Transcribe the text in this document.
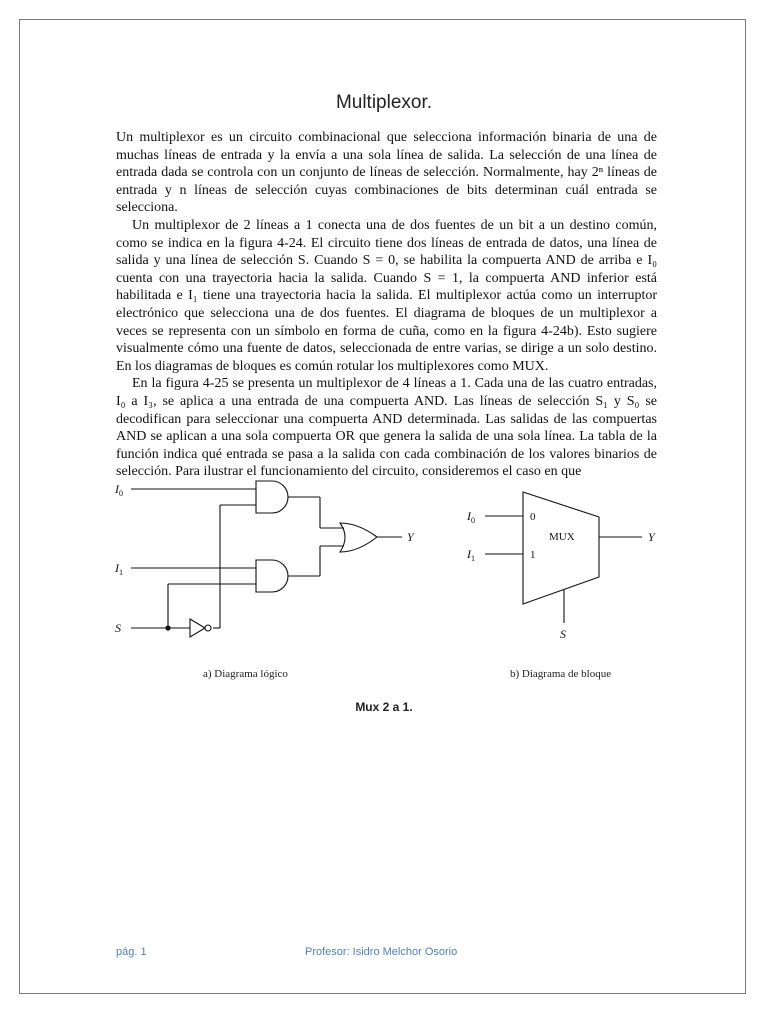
Multiplexor.

Un multiplexor es un circuito combinacional que selecciona información binaria de una de muchas líneas de entrada y la envía a una sola línea de salida. La selección de una línea de entrada dada se controla con un conjunto de líneas de selección. Normalmente, hay 2ⁿ líneas de entrada y n líneas de selección cuyas combinaciones de bits determinan cuál entrada se selecciona.

Un multiplexor de 2 líneas a 1 conecta una de dos fuentes de un bit a un destino común, como se indica en la figura 4-24. El circuito tiene dos líneas de entrada de datos, una línea de salida y una línea de selección S. Cuando S = 0, se habilita la compuerta AND de arriba e I₀ cuenta con una trayectoria hacia la salida. Cuando S = 1, la compuerta AND inferior está habilitada e I₁ tiene una trayectoria hacia la salida. El multiplexor actúa como un interruptor electrónico que selecciona una de dos fuentes. El diagrama de bloques de un multiplexor a veces se representa con un símbolo en forma de cuña, como en la figura 4-24b). Esto sugiere visualmente cómo una fuente de datos, seleccionada de entre varias, se dirige a un solo destino. En los diagramas de bloques es común rotular los multiplexores como MUX.

En la figura 4-25 se presenta un multiplexor de 4 líneas a 1. Cada una de las cuatro entradas, I₀ a I₃, se aplica a una entrada de una compuerta AND. Las líneas de selección S₁ y S₀ se decodifican para seleccionar una compuerta AND determinada. Las salidas de las compuertas AND se aplican a una sola compuerta OR que genera la salida de una sola línea. La tabla de la función indica qué entrada se pasa a la salida con cada combinación de los valores binarios de selección. Para ilustrar el funcionamiento del circuito, consideremos el caso en que

$I_0$
$I_1$
S
Y
$I_0$
$I_1$
0
1
MUX	Y
S
a) Diagrama lógico	b) Diagrama de bloque
Mux 2 a 1.
pág. 1	Profesor: Isidro Melchor Osorio
